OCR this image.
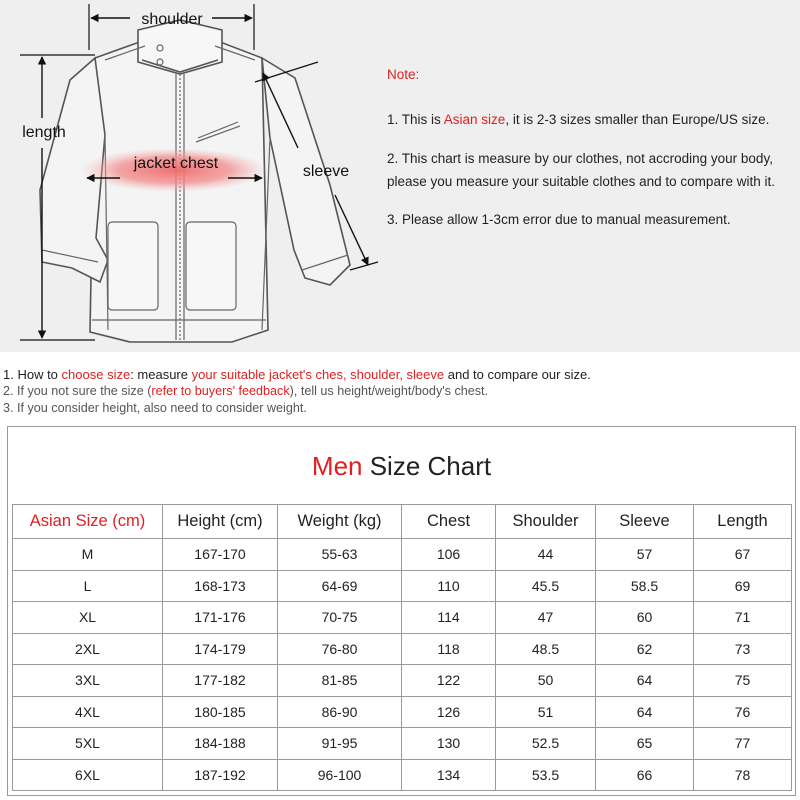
shoulder
length
jacket chest	sleeve
Note:
1. This is Asian size, it is 2-3 sizes smaller than Europe/US size.
2. This chart is measure by our clothes, not accroding your body,
please you measure your suitable clothes and to compare with it.
3. Please allow 1-3cm error due to manual measurement.
1. How to choose size: measure your suitable jacket's ches, shoulder, sleeve and to compare our size.
2. If you not sure the size (refer to buyers' feedback), tell us height/weight/body's chest.
3. If you consider height, also need to consider weight.
Men Size Chart
Asian Size (cm)	Height (cm)	Weight (kg)	Chest	Shoulder	Sleeve	Length
M	167-170	55-63	106	44	57	67
L	168-173	64-69	110	45.5	58.5	69
XL	171-176	70-75	114	47	60	71
2XL	174-179	76-80	118	48.5	62	73
3XL	177-182	81-85	122	50	64	75
4XL	180-185	86-90	126	51	64	76
5XL	184-188	91-95	130	52.5	65	77
6XL	187-192	96-100	134	53.5	66	78
